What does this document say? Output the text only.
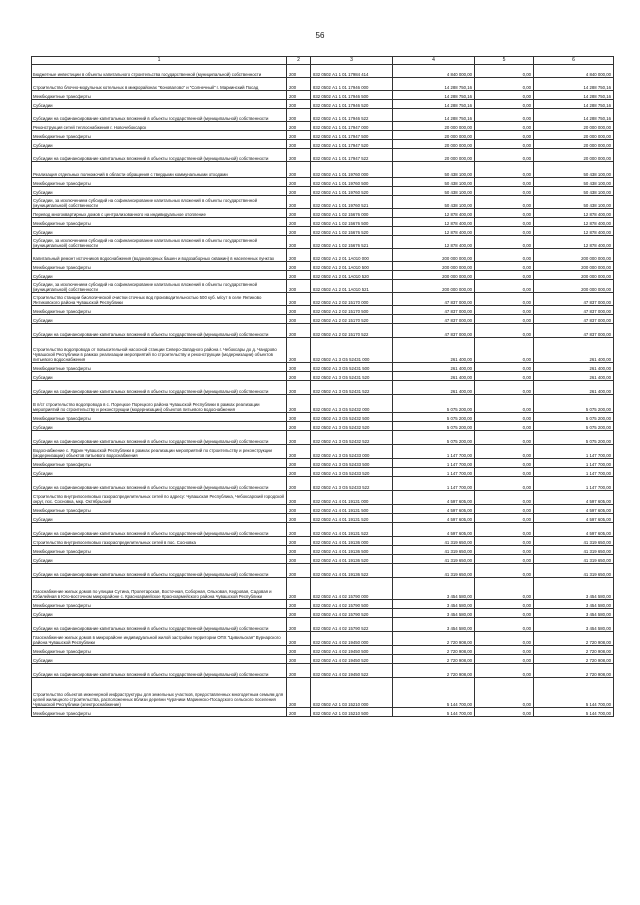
56
1	2	3	4	5	6
Бюджетные инвестиции в объекты капитального строительства государственной (муниципальной) собственности	200	832 0502 А1 1 01 17984 414	4 840 000,00	0,00	4 840 000,00
Строительство блочно-модульных котельных в микрорайонах "Коновалово" и "Солнечный" г. Мариинский Посад	200	832 0502 А1 1 01 17946 000	14 288 750,16	0,00	14 288 750,16
Межбюджетные трансферты	200	832 0502 А1 1 01 17946 500	14 288 750,16	0,00	14 288 750,16
Субсидии	200	832 0502 А1 1 01 17946 520	14 288 750,16	0,00	14 288 750,16
Субсидии на софинансирование капитальных вложений в объекты государственной (муниципальной) собственности	200	832 0502 А1 1 01 17946 522	14 288 750,16	0,00	14 288 750,16
Реконструкция сетей теплоснабжения г. Новочебоксарск	200	832 0502 А1 1 01 17947 000	20 000 000,00	0,00	20 000 000,00
Межбюджетные трансферты	200	832 0502 А1 1 01 17947 500	20 000 000,00	0,00	20 000 000,00
Субсидии	200	832 0502 А1 1 01 17947 520	20 000 000,00	0,00	20 000 000,00
Субсидии на софинансирование капитальных вложений в объекты государственной (муниципальной) собственности	200	832 0502 А1 1 01 17947 522	20 000 000,00	0,00	20 000 000,00
Реализация отдельных полномочий в области обращения с твердыми коммунальными отходами	200	832 0502 А1 1 01 19760 000	50 438 100,00	0,00	50 438 100,00
Межбюджетные трансферты	200	832 0502 А1 1 01 19760 500	50 438 100,00	0,00	50 438 100,00
Субсидии	200	832 0502 А1 1 01 19760 520	50 438 100,00	0,00	50 438 100,00
Субсидии, за исключением субсидий на софинансирование капитальных вложений в объекты государственной (муниципальной) собственности	200	832 0502 А1 1 01 19760 521	50 438 100,00	0,00	50 438 100,00
Перевод многоквартирных домов с централизованного на индивидуальное отопление	200	832 0502 А1 1 02 15676 000	12 878 400,00	0,00	12 878 400,00
Межбюджетные трансферты	200	832 0502 А1 1 02 15676 500	12 878 400,00	0,00	12 878 400,00
Субсидии	200	832 0502 А1 1 02 15676 520	12 878 400,00	0,00	12 878 400,00
Субсидии, за исключением субсидий на софинансирование капитальных вложений в объекты государственной (муниципальной) собственности	200	832 0502 А1 1 02 15676 521	12 878 400,00	0,00	12 878 400,00
Капитальный ремонт источников водоснабжения (водонапорных башен и водозаборных скважин) в населенных пунктах	200	832 0502 А1 2 01 1А010 000	200 000 000,00	0,00	200 000 000,00
Межбюджетные трансферты	200	832 0502 А1 2 01 1А010 500	200 000 000,00	0,00	200 000 000,00
Субсидии	200	832 0502 А1 2 01 1А010 520	200 000 000,00	0,00	200 000 000,00
Субсидии, за исключением субсидий на софинансирование капитальных вложений в объекты государственной (муниципальной) собственности	200	832 0502 А1 2 01 1А010 521	200 000 000,00	0,00	200 000 000,00
Строительство станции биологической очистки сточных вод производительностью 500 куб. м/сут в селе Янтиково Янтиковского района Чувашской Республики	200	832 0502 А1 2 02 15170 000	47 837 000,00	0,00	47 837 000,00
Межбюджетные трансферты	200	832 0502 А1 2 02 15170 500	47 837 000,00	0,00	47 837 000,00
Субсидии	200	832 0502 А1 2 02 15170 520	47 837 000,00	0,00	47 837 000,00
Субсидии на софинансирование капитальных вложений в объекты государственной (муниципальной) собственности	200	832 0502 А1 2 02 15170 522	47 837 000,00	0,00	47 837 000,00
Строительство водопровода от повысительной насосной станции Северо-Западного района г. Чебоксары до д. Чандрово Чувашской Республики в рамках реализации мероприятий по строительству и реконструкции (модернизации) объектов питьевого водоснабжения	200	832 0502 А1 3 G5 52431 000	261 400,00	0,00	261 400,00
Межбюджетные трансферты	200	832 0502 А1 3 G5 52431 500	261 400,00	0,00	261 400,00
Субсидии	200	832 0502 А1 3 G5 52431 520	261 400,00	0,00	261 400,00
Субсидии на софинансирование капитальных вложений в объекты государственной (муниципальной) собственности	200	832 0502 А1 3 G5 52431 522	261 400,00	0,00	261 400,00
В п/ст строительство водопровода в с. Порецкое Порецкого района Чувашской Республики в рамках реализации мероприятий по строительству и реконструкции (модернизации) объектов питьевого водоснабжения	200	832 0502 А1 3 G5 52432 000	5 075 200,00	0,00	5 075 200,00
Межбюджетные трансферты	200	832 0502 А1 3 G5 52432 500	5 075 200,00	0,00	5 075 200,00
Субсидии	200	832 0502 А1 3 G5 52432 520	5 075 200,00	0,00	5 075 200,00
Субсидии на софинансирование капитальных вложений в объекты государственной (муниципальной) собственности	200	832 0502 А1 3 G5 52432 522	5 075 200,00	0,00	5 075 200,00
Водоснабжение с. Ядрин Чувашской Республики в рамках реализации мероприятий по строительству и реконструкции (модернизации) объектов питьевого водоснабжения	200	832 0502 А1 3 G5 52433 000	1 147 700,00	0,00	1 147 700,00
Межбюджетные трансферты	200	832 0502 А1 3 G5 52433 500	1 147 700,00	0,00	1 147 700,00
Субсидии	200	832 0502 А1 3 G5 52433 520	1 147 700,00	0,00	1 147 700,00
Субсидии на софинансирование капитальных вложений в объекты государственной (муниципальной) собственности	200	832 0502 А1 3 G5 52433 522	1 147 700,00	0,00	1 147 700,00
Строительство внутрипоселковых газораспределительных сетей по адресу: Чувашская Республика, Чебоксарский городской округ, пос. Сосновка, мкр. Октябрьский	200	832 0502 А1 4 01 19131 000	4 597 605,00	0,00	4 597 605,00
Межбюджетные трансферты	200	832 0502 А1 4 01 19131 500	4 597 605,00	0,00	4 597 605,00
Субсидии	200	832 0502 А1 4 01 19131 520	4 597 605,00	0,00	4 597 605,00
Субсидии на софинансирование капитальных вложений в объекты государственной (муниципальной) собственности	200	832 0502 А1 4 01 19131 522	4 597 605,00	0,00	4 597 605,00
Строительство внутрипоселковых газораспределительных сетей в пос. Сосновка	200	832 0502 А1 4 01 19136 000	41 319 650,00	0,00	41 319 650,00
Межбюджетные трансферты	200	832 0502 А1 4 01 19136 500	41 319 650,00	0,00	41 319 650,00
Субсидии	200	832 0502 А1 4 01 19136 520	41 319 650,00	0,00	41 319 650,00
Субсидии на софинансирование капитальных вложений в объекты государственной (муниципальной) собственности	200	832 0502 А1 4 01 19136 522	41 319 650,00	0,00	41 319 650,00
Газоснабжение жилых домов по улицам Сутина, Пролетарская, Восточная, Соборная, Ольховая, Кедровая, Садовая и Юбилейная в Юго-восточном микрорайоне с. Красноармейское Красноармейского района Чувашской Республики	200	832 0502 А1 4 02 15790 000	3 454 580,00	0,00	3 454 580,00
Межбюджетные трансферты	200	832 0502 А1 4 02 15790 500	3 454 580,00	0,00	3 454 580,00
Субсидии	200	832 0502 А1 4 02 15790 520	3 454 580,00	0,00	3 454 580,00
Субсидии на софинансирование капитальных вложений в объекты государственной (муниципальной) собственности	200	832 0502 А1 4 02 15790 522	3 454 580,00	0,00	3 454 580,00
Газоснабжение жилых домов в микрорайоне индивидуальной жилой застройки территории ОПХ "Цивильская" Вурнарского района Чувашской Республики	200	832 0502 А1 4 02 19450 000	2 720 908,00	0,00	2 720 908,00
Межбюджетные трансферты	200	832 0502 А1 4 02 19450 500	2 720 908,00	0,00	2 720 908,00
Субсидии	200	832 0502 А1 4 02 19450 520	2 720 908,00	0,00	2 720 908,00
Субсидии на софинансирование капитальных вложений в объекты государственной (муниципальной) собственности	200	832 0502 А1 4 02 19450 522	2 720 908,00	0,00	2 720 908,00
Строительство объектов инженерной инфраструктуры для земельных участков, предоставленных многодетным семьям для целей жилищного строительства, расположенных вблизи деревни Чурачики Мариинско-Посадского сельского поселения Чувашской Республики (электроснабжение)	200	832 0502 А2 1 03 15210 000	5 144 700,00	0,00	5 144 700,00
Межбюджетные трансферты	200	832 0502 А2 1 03 15210 500	5 144 700,00	0,00	5 144 700,00
